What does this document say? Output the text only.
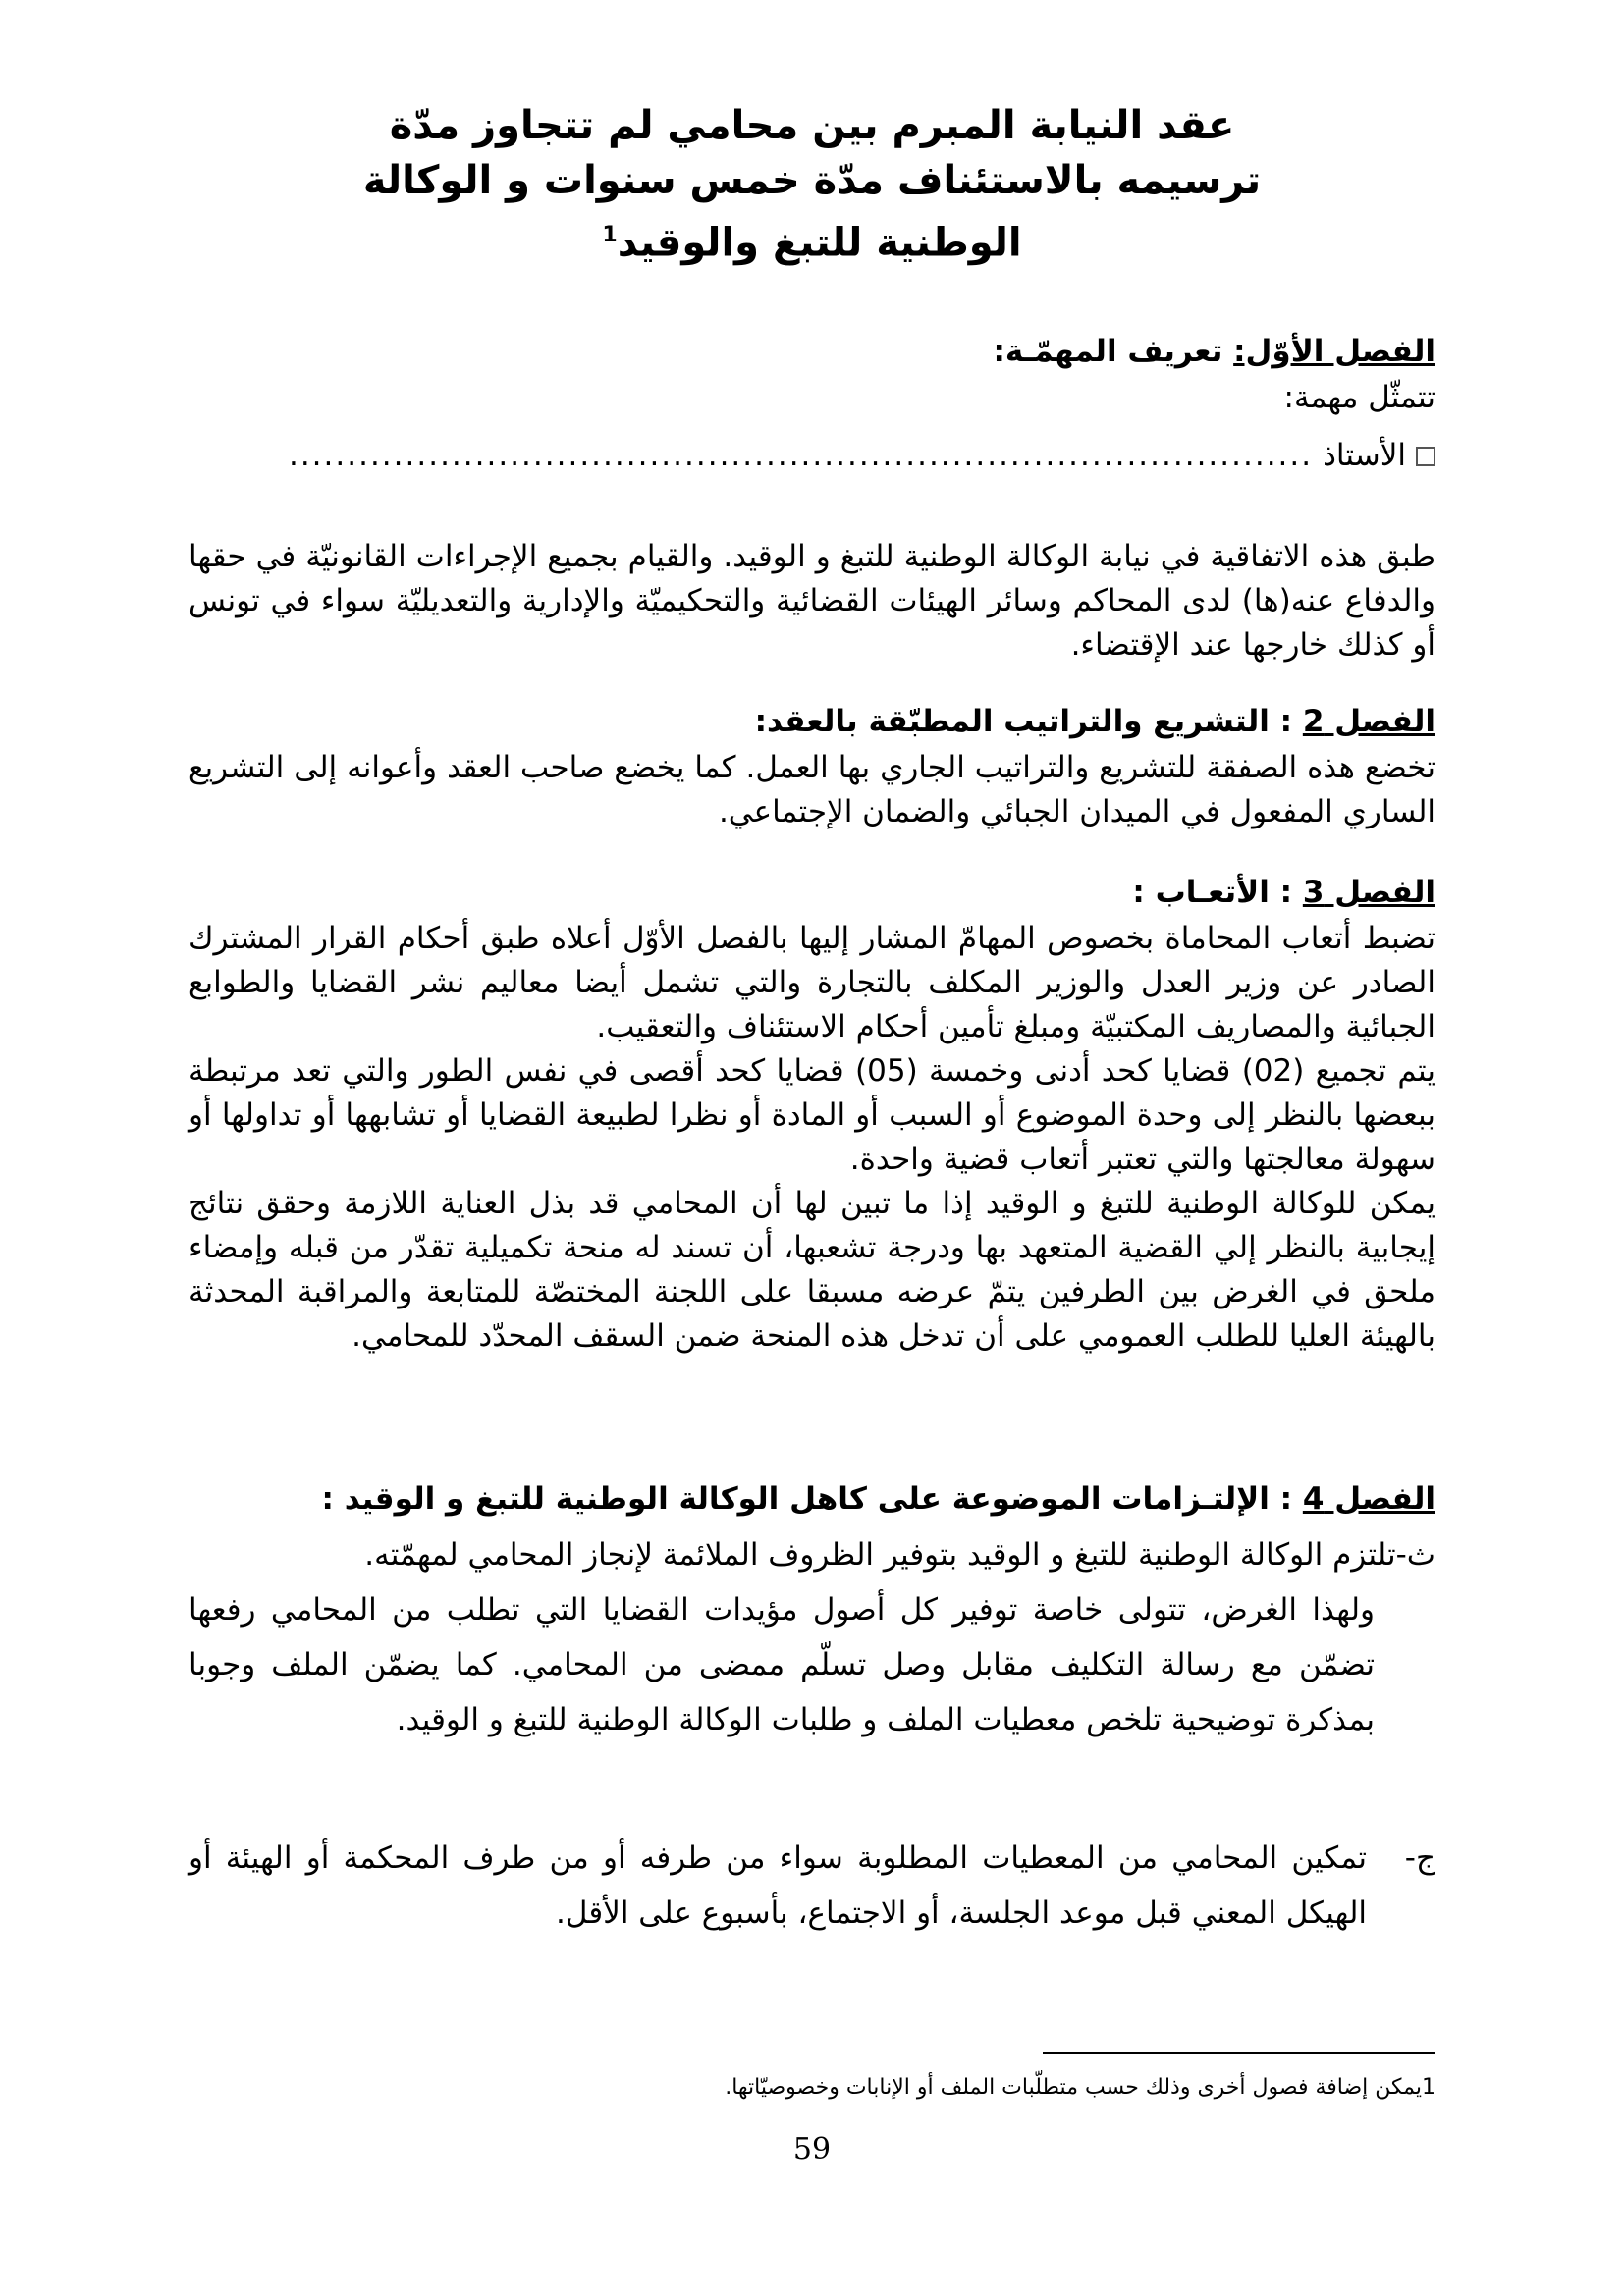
عقد النيابة المبرم بين محامي لم تتجاوز مدّة
ترسيمه بالاستئناف مدّة خمس سنوات و الوكالة
الوطنية للتبغ والوقيد$^1$
الفصل الأوّل: تعريف المهمّـة:
تتمثّل مهمة:
الأستاذ
........................................................................................
طبق هذه الاتفاقية في نيابة الوكالة الوطنية للتبغ و الوقيد. والقيام بجميع الإجراءات القانونيّة في حقها والدفاع عنه(ها) لدى المحاكم وسائر الهيئات القضائية والتحكيميّة والإدارية والتعديليّة سواء في تونس أو كذلك خارجها عند الإقتضاء.
الفصل 2 : التشريع والتراتيب المطبّقة بالعقد:
تخضع هذه الصفقة للتشريع والتراتيب الجاري بها العمل. كما يخضع صاحب العقد وأعوانه إلى التشريع الساري المفعول في الميدان الجبائي والضمان الإجتماعي.
الفصل 3 : الأتعـاب :
تضبط أتعاب المحاماة بخصوص المهامّ المشار إليها بالفصل الأوّل أعلاه طبق أحكام القرار المشترك الصادر عن وزير العدل والوزير المكلف بالتجارة والتي تشمل أيضا معاليم نشر القضايا والطوابع الجبائية والمصاريف المكتبيّة ومبلغ تأمين أحكام الاستئناف والتعقيب.
يتم تجميع (02) قضايا كحد أدنى وخمسة (05) قضايا كحد أقصى في نفس الطور والتي تعد مرتبطة ببعضها بالنظر إلى وحدة الموضوع أو السبب أو المادة أو نظرا لطبيعة القضايا أو تشابهها أو تداولها أو سهولة معالجتها والتي تعتبر أتعاب قضية واحدة.
يمكن للوكالة الوطنية للتبغ و الوقيد إذا ما تبين لها أن المحامي قد بذل العناية اللازمة وحقق نتائج إيجابية بالنظر إلي القضية المتعهد بها ودرجة تشعبها، أن تسند له منحة تكميلية تقدّر من قبله وإمضاء ملحق في الغرض بين الطرفين يتمّ عرضه مسبقا على اللجنة المختصّة للمتابعة والمراقبة المحدثة بالهيئة العليا للطلب العمومي على أن تدخل هذه المنحة ضمن السقف المحدّد للمحامي.
الفصل 4 : الإلتـزامات الموضوعة على كاهل الوكالة الوطنية للتبغ و الوقيد :
ث-تلتزم الوكالة الوطنية للتبغ و الوقيد بتوفير الظروف الملائمة لإنجاز المحامي لمهمّته.
ولهذا الغرض، تتولى خاصة توفير كل أصول مؤيدات القضايا التي تطلب من المحامي رفعها تضمّن مع رسالة التكليف مقابل وصل تسلّم ممضى من المحامي. كما يضمّن الملف وجوبا بمذكرة توضيحية تلخص معطيات الملف و طلبات الوكالة الوطنية للتبغ و الوقيد.
ج-
تمكين المحامي من المعطيات المطلوبة سواء من طرفه أو من طرف المحكمة أو الهيئة أو الهيكل المعني قبل موعد الجلسة، أو الاجتماع، بأسبوع على الأقل.
1يمكن إضافة فصول أخرى وذلك حسب متطلّبات الملف أو الإنابات وخصوصيّاتها.
59
